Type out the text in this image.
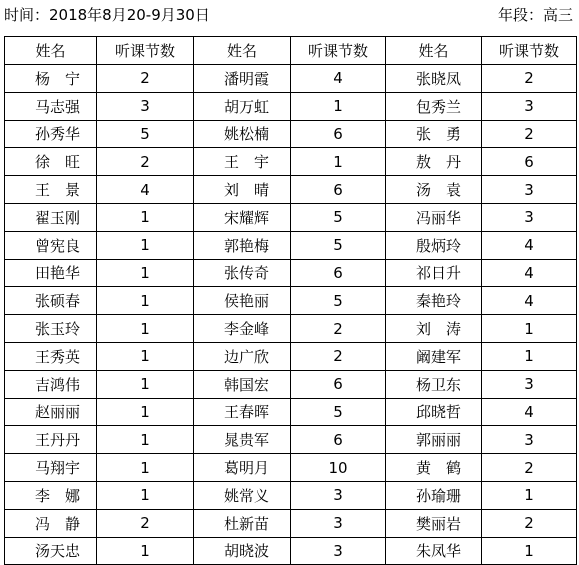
时间：2018年8月20-9月30日	年段：高三
姓名	听课节数	姓名	听课节数	姓名	听课节数
杨　宁	2	潘明霞	4	张晓凤	2
马志强	3	胡万虹	1	包秀兰	3
孙秀华	5	姚松楠	6	张　勇	2
徐　旺	2	王　宇	1	敖　丹	6
王　景	4	刘　晴	6	汤　袁	3
翟玉刚	1	宋耀辉	5	冯丽华	3
曾宪良	1	郭艳梅	5	殷炳玲	4
田艳华	1	张传奇	6	祁日升	4
张硕春	1	侯艳丽	5	秦艳玲	4
张玉玲	1	李金峰	2	刘　涛	1
王秀英	1	边广欣	2	阚建军	1
吉鸿伟	1	韩国宏	6	杨卫东	3
赵丽丽	1	王春晖	5	邱晓哲	4
王丹丹	1	晁贵军	6	郭丽丽	3
马翔宇	1	葛明月	10	黄　鹤	2
李　娜	1	姚常义	3	孙瑜珊	1
冯　静	2	杜新苗	3	樊丽岩	2
汤天忠	1	胡晓波	3	朱凤华	1
